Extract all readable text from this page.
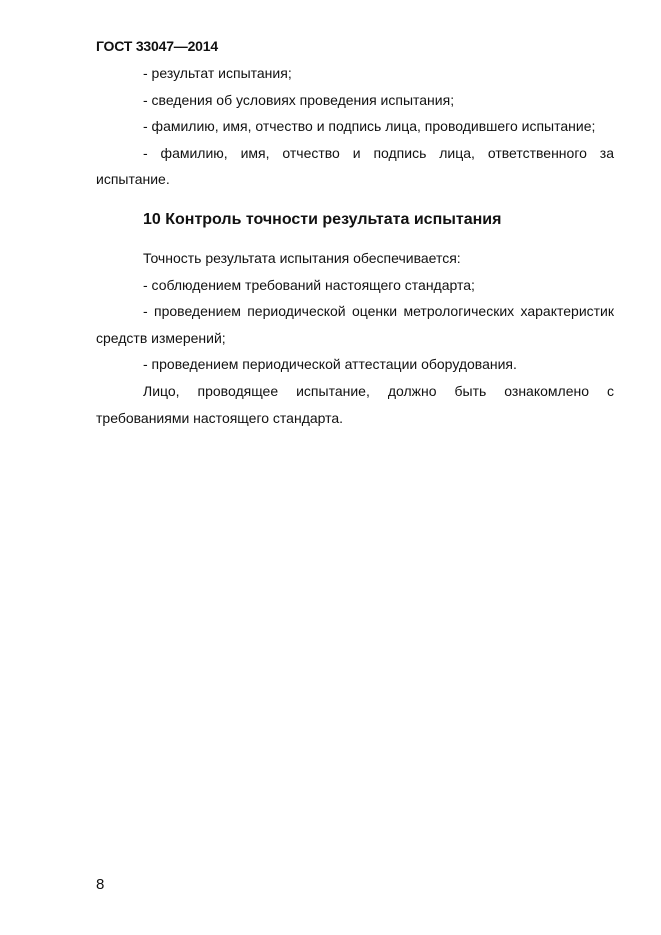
ГОСТ 33047—2014

- результат испытания;

- сведения об условиях проведения испытания;

- фамилию, имя, отчество и подпись лица, проводившего испытание;

- фамилию, имя, отчество и подпись лица, ответственного за испытание.

10 Контроль точности результата испытания

Точность результата испытания обеспечивается:

- соблюдением требований настоящего стандарта;

- проведением периодической оценки метрологических характеристик средств измерений;

- проведением периодической аттестации оборудования.

Лицо, проводящее испытание, должно быть ознакомлено с требованиями настоящего стандарта.

8
